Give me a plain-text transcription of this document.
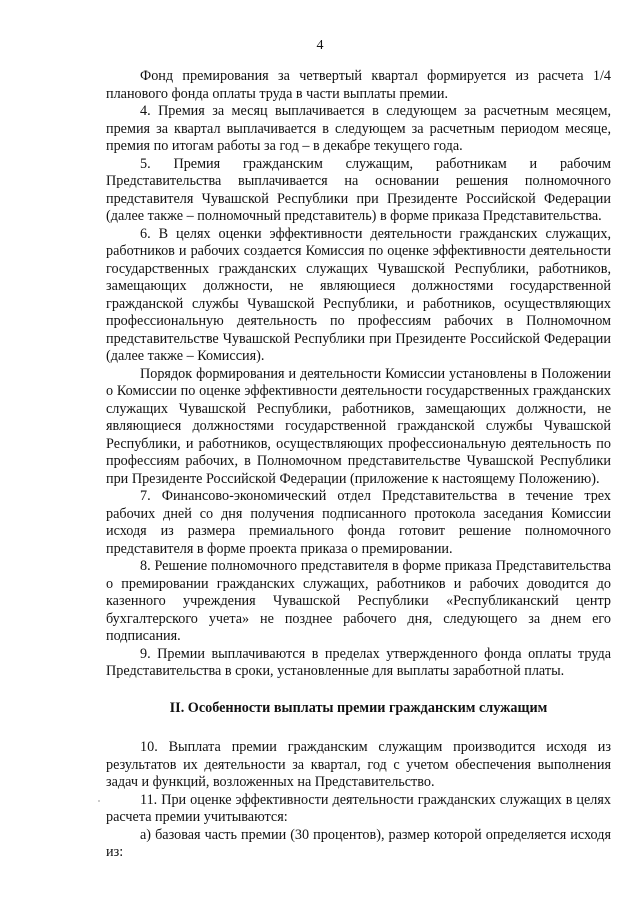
4

Фонд премирования за четвертый квартал формируется из расчета 1/4 планового фонда оплаты труда в части выплаты премии.

4. Премия за месяц выплачивается в следующем за расчетным месяцем, премия за квартал выплачивается в следующем за расчетным периодом месяце, премия по итогам работы за год – в декабре текущего года.

5. Премия гражданским служащим, работникам и рабочим Представительства выплачивается на основании решения полномочного представителя Чувашской Республики при Президенте Российской Федерации (далее также – полномочный представитель) в форме приказа Представительства.

6. В целях оценки эффективности деятельности гражданских служащих, работников и рабочих создается Комиссия по оценке эффективности деятельности государственных гражданских служащих Чувашской Республики, работников, замещающих должности, не являющиеся должностями государственной гражданской службы Чувашской Республики, и работников, осуществляющих профессиональную деятельность по профессиям рабочих в Полномочном представительстве Чувашской Республики при Президенте Российской Федерации (далее также – Комиссия).

Порядок формирования и деятельности Комиссии установлены в Положении о Комиссии по оценке эффективности деятельности государственных гражданских служащих Чувашской Республики, работников, замещающих должности, не являющиеся должностями государственной гражданской службы Чувашской Республики, и работников, осуществляющих профессиональную деятельность по профессиям рабочих, в Полномочном представительстве Чувашской Республики при Президенте Российской Федерации (приложение к настоящему Положению).

7. Финансово-экономический отдел Представительства в течение трех рабочих дней со дня получения подписанного протокола заседания Комиссии исходя из размера премиального фонда готовит решение полномочного представителя в форме проекта приказа о премировании.

8. Решение полномочного представителя в форме приказа Представительства о премировании гражданских служащих, работников и рабочих доводится до казенного учреждения Чувашской Республики «Республиканский центр бухгалтерского учета» не позднее рабочего дня, следующего за днем его подписания.

9. Премии выплачиваются в пределах утвержденного фонда оплаты труда Представительства в сроки, установленные для выплаты заработной платы.

II. Особенности выплаты премии гражданским служащим

10. Выплата премии гражданским служащим производится исходя из результатов их деятельности за квартал, год с учетом обеспечения выполнения задач и функций, возложенных на Представительство.

11. При оценке эффективности деятельности гражданских служащих в целях расчета премии учитываются:

а) базовая часть премии (30 процентов), размер которой определяется исходя из:
